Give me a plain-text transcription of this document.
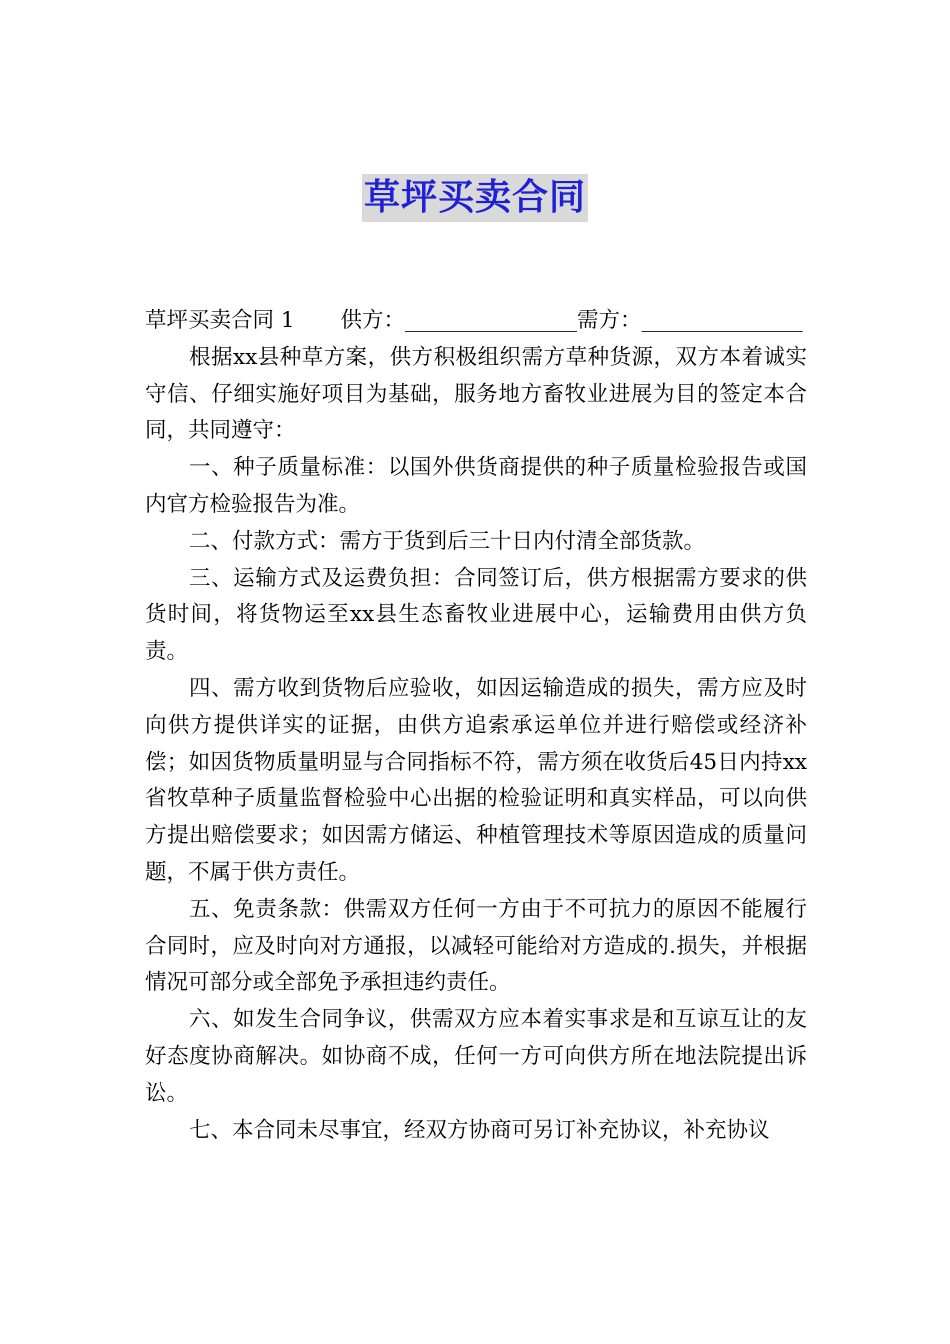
草坪买卖合同

草坪买卖合同 1 供方：________________需方：_______________

根据xx县种草方案，供方积极组织需方草种货源，双方本着诚实守信、仔细实施好项目为基础，服务地方畜牧业进展为目的签定本合同，共同遵守：

一、种子质量标准：以国外供货商提供的种子质量检验报告或国内官方检验报告为准。

二、付款方式：需方于货到后三十日内付清全部货款。

三、运输方式及运费负担：合同签订后，供方根据需方要求的供货时间，将货物运至xx县生态畜牧业进展中心，运输费用由供方负责。

四、需方收到货物后应验收，如因运输造成的损失，需方应及时向供方提供详实的证据，由供方追索承运单位并进行赔偿或经济补偿；如因货物质量明显与合同指标不符，需方须在收货后45日内持xx省牧草种子质量监督检验中心出据的检验证明和真实样品，可以向供方提出赔偿要求；如因需方储运、种植管理技术等原因造成的质量问题，不属于供方责任。

五、免责条款：供需双方任何一方由于不可抗力的原因不能履行合同时，应及时向对方通报，以减轻可能给对方造成的.损失，并根据情况可部分或全部免予承担违约责任。

六、如发生合同争议，供需双方应本着实事求是和互谅互让的友好态度协商解决。如协商不成，任何一方可向供方所在地法院提出诉讼。

七、本合同未尽事宜，经双方协商可另订补充协议，补充协议
